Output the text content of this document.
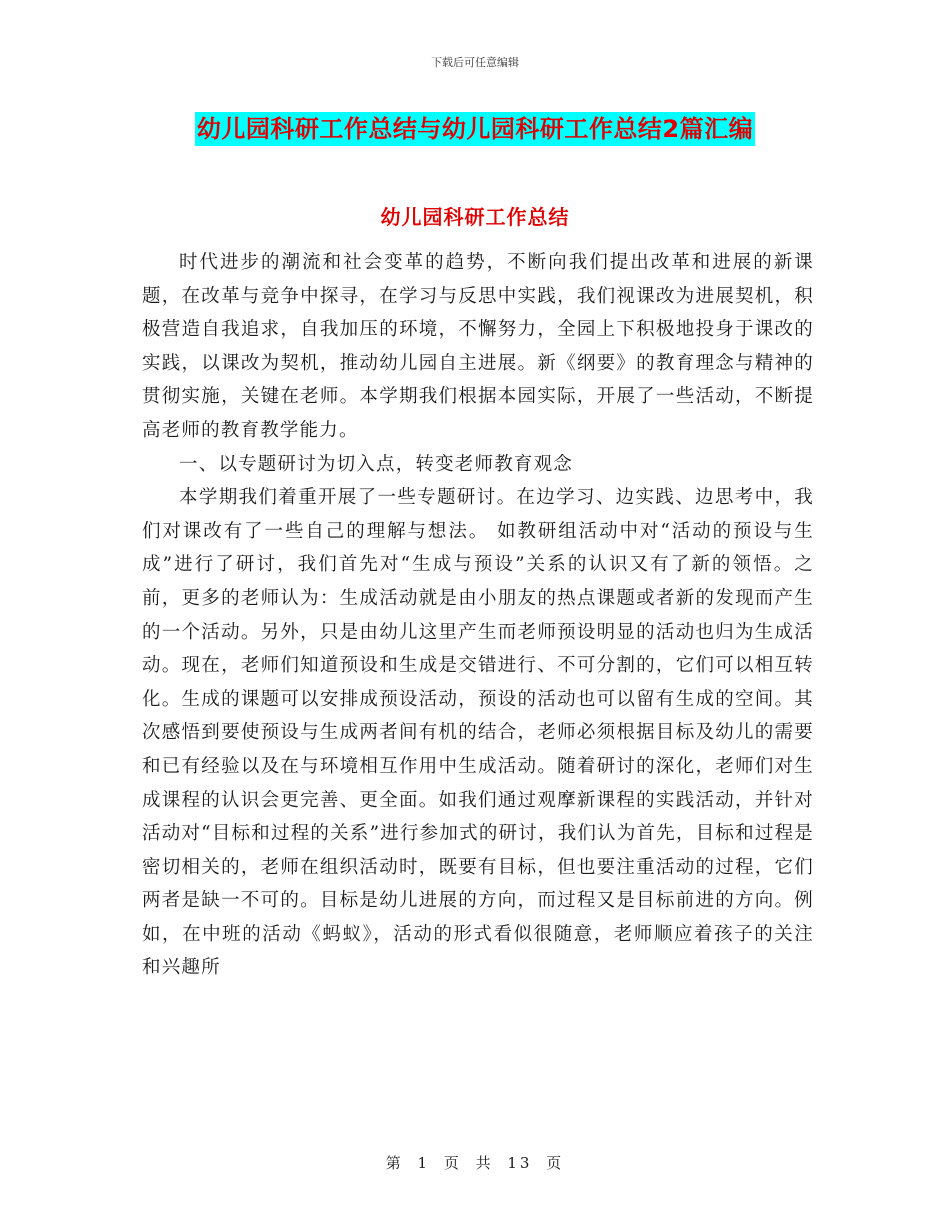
下载后可任意编辑
幼儿园科研工作总结与幼儿园科研工作总结2篇汇编
幼儿园科研工作总结

时代进步的潮流和社会变革的趋势，不断向我们提出改革和进展的新课题，在改革与竞争中探寻，在学习与反思中实践，我们视课改为进展契机，积极营造自我追求，自我加压的环境，不懈努力，全园上下积极地投身于课改的实践，以课改为契机，推动幼儿园自主进展。新《纲要》的教育理念与精神的贯彻实施，关键在老师。本学期我们根据本园实际，开展了一些活动，不断提高老师的教育教学能力。

一、以专题研讨为切入点，转变老师教育观念

本学期我们着重开展了一些专题研讨。在边学习、边实践、边思考中，我们对课改有了一些自己的理解与想法。 如教研组活动中对“活动的预设与生成”进行了研讨，我们首先对“生成与预设”关系的认识又有了新的领悟。之前，更多的老师认为：生成活动就是由小朋友的热点课题或者新的发现而产生的一个活动。另外，只是由幼儿这里产生而老师预设明显的活动也归为生成活动。现在，老师们知道预设和生成是交错进行、不可分割的，它们可以相互转化。生成的课题可以安排成预设活动，预设的活动也可以留有生成的空间。其次感悟到要使预设与生成两者间有机的结合，老师必须根据目标及幼儿的需要和已有经验以及在与环境相互作用中生成活动。随着研讨的深化，老师们对生成课程的认识会更完善、更全面。如我们通过观摩新课程的实践活动，并针对活动对“目标和过程的关系”进行参加式的研讨，我们认为首先，目标和过程是密切相关的，老师在组织活动时，既要有目标，但也要注重活动的过程，它们两者是缺一不可的。目标是幼儿进展的方向，而过程又是目标前进的方向。例如，在中班的活动《蚂蚁》，活动的形式看似很随意，老师顺应着孩子的关注和兴趣所

第 1 页 共 13 页
